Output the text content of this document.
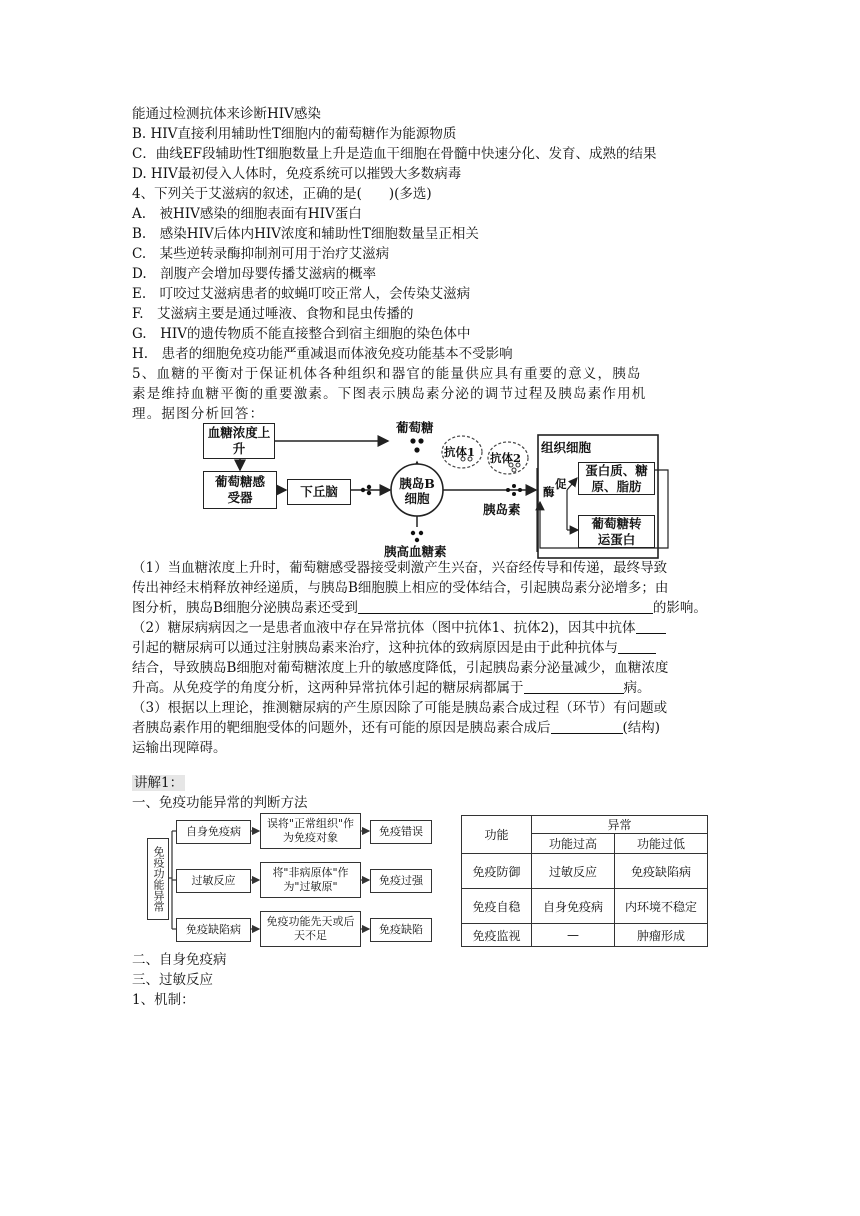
能通过检测抗体来诊断HIV感染
B. HIV直接利用辅助性T细胞内的葡萄糖作为能源物质
C．曲线EF段辅助性T细胞数量上升是造血干细胞在骨髓中快速分化、发育、成熟的结果
D. HIV最初侵入人体时，免疫系统可以摧毁大多数病毒
4、下列关于艾滋病的叙述，正确的是(　　)(多选)
A.　被HIV感染的细胞表面有HIV蛋白
B.　感染HIV后体内HIV浓度和辅助性T细胞数量呈正相关
C.　某些逆转录酶抑制剂可用于治疗艾滋病
D.　剖腹产会增加母婴传播艾滋病的概率
E.　叮咬过艾滋病患者的蚊蝇叮咬正常人，会传染艾滋病
F.　艾滋病主要是通过唾液、食物和昆虫传播的
G.　HIV的遗传物质不能直接整合到宿主细胞的染色体中
H.　患者的细胞免疫功能严重减退而体液免疫功能基本不受影响
5、血糖的平衡对于保证机体各种组织和器官的能量供应具有重要的意义，胰岛
素是维持血糖平衡的重要激素。下图表示胰岛素分泌的调节过程及胰岛素作用机
理。据图分析回答：
血糖浓度上升
葡萄糖感受器	下丘脑
胰岛B细胞
葡萄糖
抗体1 抗体2
组织细胞
酶
促
胰岛素
蛋白质、糖原、脂肪
葡萄糖转运蛋白
胰高血糖素
（1）当血糖浓度上升时，葡萄糖感受器接受刺激产生兴奋，兴奋经传导和传递，最终导致
传出神经末梢释放神经递质，与胰岛B细胞膜上相应的受体结合，引起胰岛素分泌增多；由
图分析，胰岛B细胞分泌胰岛素还受到	的影响。
（2）糖尿病病因之一是患者血液中存在异常抗体（图中抗体1、抗体2)，因其中抗体
引起的糖尿病可以通过注射胰岛素来治疗，这种抗体的致病原因是由于此种抗体与
结合，导致胰岛B细胞对葡萄糖浓度上升的敏感度降低，引起胰岛素分泌量减少，血糖浓度
升高。从免疫学的角度分析，这两种异常抗体引起的糖尿病都属于	病。
（3）根据以上理论，推测糖尿病的产生原因除了可能是胰岛素合成过程（环节）有问题或
者胰岛素作用的靶细胞受体的问题外，还有可能的原因是胰岛素合成后	(结构)
运输出现障碍。
讲解1：
一、免疫功能异常的判断方法
免疫功能异常
自身免疫病
过敏反应
免疫缺陷病
误将"正常组织"作为免疫对象
将"非病原体"作为"过敏原"
免疫功能先天或后天不足
免疫错误
免疫过强
免疫缺陷
功能	异常	
	功能过高	功能过低
免疫防御	过敏反应	免疫缺陷病
免疫自稳	自身免疫病	内环境不稳定
免疫监视	—	肿瘤形成
二、自身免疫病
三、过敏反应
1、机制：
